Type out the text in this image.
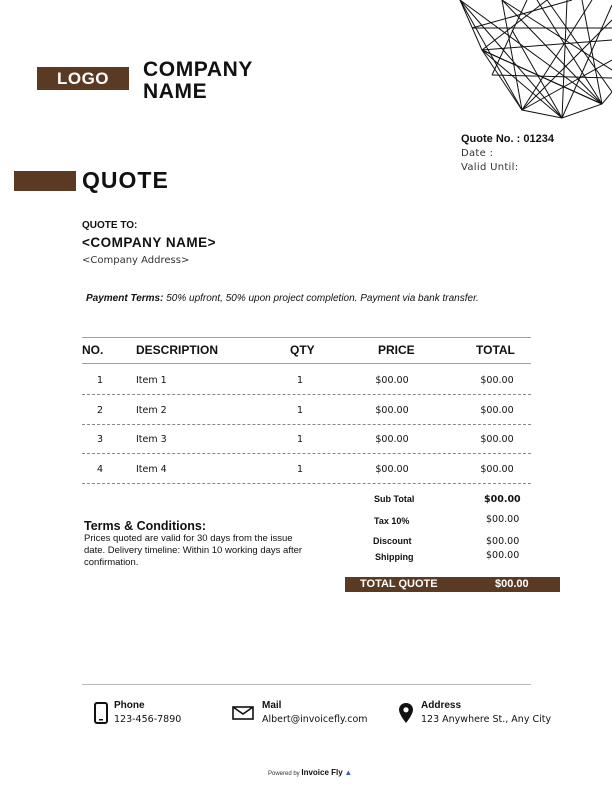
LOGO	COMPANY
NAME
Quote No. : 01234
Date :
Valid Until:
QUOTE
QUOTE TO:
<COMPANY NAME>
<Company Address>
Payment Terms: 50% upfront, 50% upon project completion. Payment via bank transfer.
NO.	DESCRIPTION	QTY	PRICE	TOTAL
1	Item 1	1	$00.00	$00.00
2	Item 2	1	$00.00	$00.00
3	Item 3	1	$00.00	$00.00
4	Item 4	1	$00.00	$00.00
Sub Total	$00.00
Tax 10%	$00.00
Discount	$00.00
Shipping	$00.00
TOTAL QUOTE	$00.00
Terms & Conditions:
Prices quoted are valid for 30 days from the issue date. Delivery timeline: Within 10 working days after confirmation.
Phone
123-456-7890
Mail
Albert@invoicefly.com
Address
123 Anywhere St., Any City
Powered by Invoice Fly ▲
